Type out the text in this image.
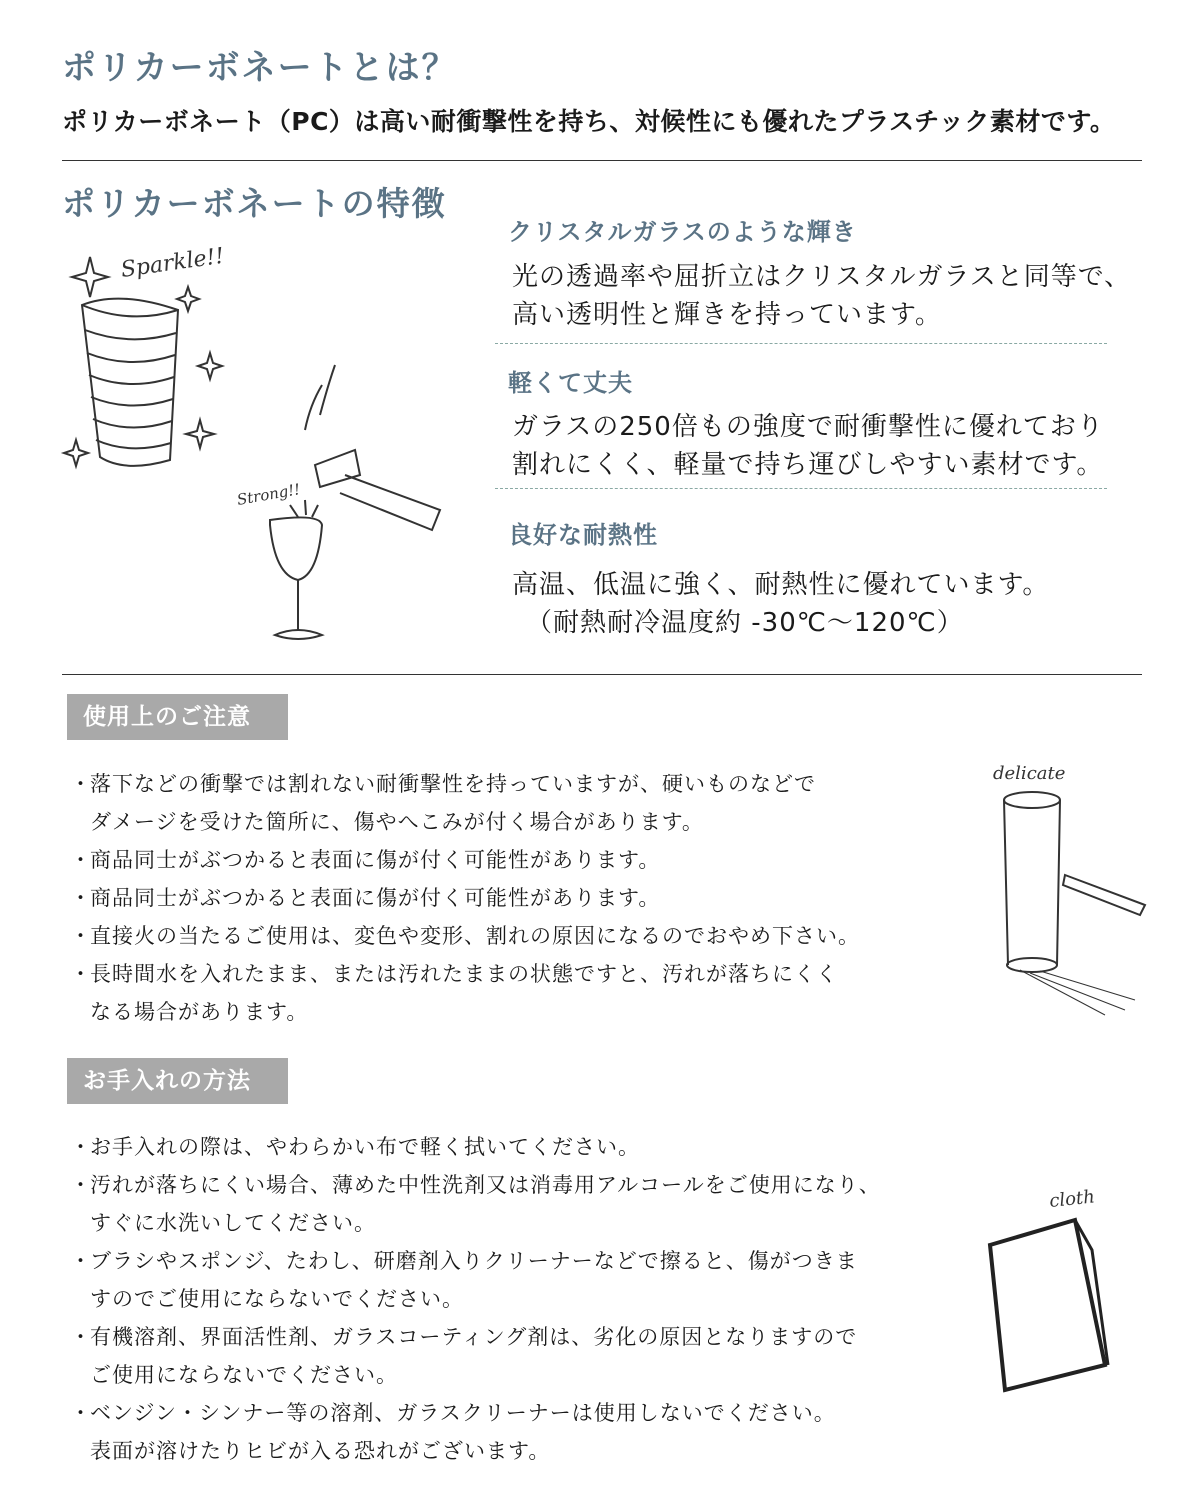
ポリカーボネートとは？
ポリカーボネート（PC）は高い耐衝撃性を持ち、対候性にも優れたプラスチック素材です。
ポリカーボネートの特徴
Sparkle!!
Strong!!
クリスタルガラスのような輝き
光の透過率や屈折立はクリスタルガラスと同等で、
高い透明性と輝きを持っています。
軽くて丈夫
ガラスの250倍もの強度で耐衝撃性に優れており
割れにくく、軽量で持ち運びしやすい素材です。
良好な耐熱性
高温、低温に強く、耐熱性に優れています。
（耐熱耐冷温度約 -30℃～120℃）
使用上のご注意
・
落下などの衝撃では割れない耐衝撃性を持っていますが、硬いものなどで
ダメージを受けた箇所に、傷やへこみが付く場合があります。
・
商品同士がぶつかると表面に傷が付く可能性があります。
・
商品同士がぶつかると表面に傷が付く可能性があります。
・
直接火の当たるご使用は、変色や変形、割れの原因になるのでおやめ下さい。
・
長時間水を入れたまま、または汚れたままの状態ですと、汚れが落ちにくく
なる場合があります。
delicate
お手入れの方法
・
お手入れの際は、やわらかい布で軽く拭いてください。
・
汚れが落ちにくい場合、薄めた中性洗剤又は消毒用アルコールをご使用になり、
すぐに水洗いしてください。
・
ブラシやスポンジ、たわし、研磨剤入りクリーナーなどで擦ると、傷がつきま
すのでご使用にならないでください。
・
有機溶剤、界面活性剤、ガラスコーティング剤は、劣化の原因となりますので
ご使用にならないでください。
・
ベンジン・シンナー等の溶剤、ガラスクリーナーは使用しないでください。
表面が溶けたりヒビが入る恐れがございます。
cloth
